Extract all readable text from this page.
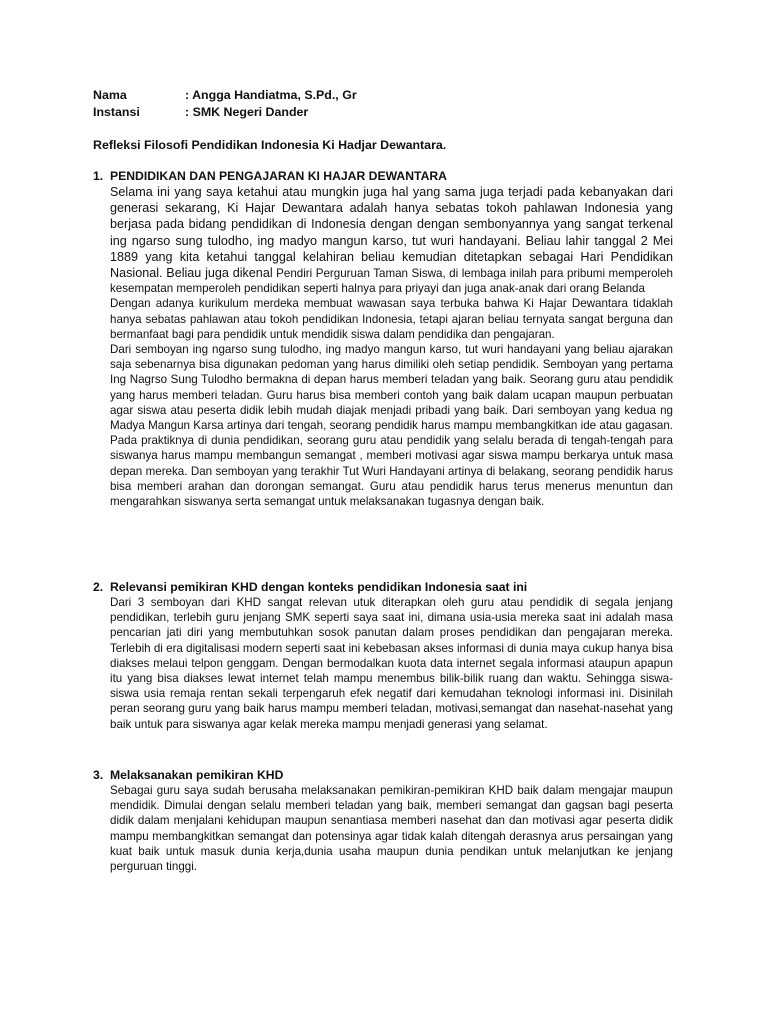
Nama	: Angga Handiatma, S.Pd., Gr
Instansi	: SMK Negeri Dander
Refleksi Filosofi Pendidikan Indonesia Ki Hadjar Dewantara.
1. PENDIDIKAN DAN PENGAJARAN KI HAJAR DEWANTARA

Selama ini yang saya ketahui atau mungkin juga hal yang sama juga terjadi pada kebanyakan dari generasi sekarang, Ki Hajar Dewantara adalah hanya sebatas tokoh pahlawan Indonesia yang berjasa pada bidang pendidikan di Indonesia dengan dengan sembonyannya yang sangat terkenal ing ngarso sung tulodho, ing madyo mangun karso, tut wuri handayani. Beliau lahir tanggal 2 Mei 1889 yang kita ketahui tanggal kelahiran beliau kemudian ditetapkan sebagai Hari Pendidikan Nasional. Beliau juga dikenal Pendiri Perguruan Taman Siswa, di lembaga inilah para pribumi memperoleh kesempatan memperoleh pendidikan seperti halnya para priyayi dan juga anak-anak dari orang Belanda

Dengan adanya kurikulum merdeka membuat wawasan saya terbuka bahwa Ki Hajar Dewantara tidaklah hanya sebatas pahlawan atau tokoh pendidikan Indonesia, tetapi ajaran beliau ternyata sangat berguna dan bermanfaat bagi para pendidik untuk mendidik siswa dalam pendidika dan pengajaran.

Dari semboyan ing ngarso sung tulodho, ing madyo mangun karso, tut wuri handayani yang beliau ajarakan saja sebenarnya bisa digunakan pedoman yang harus dimiliki oleh setiap pendidik. Semboyan yang pertama Ing Nagrso Sung Tulodho bermakna di depan harus memberi teladan yang baik. Seorang guru atau pendidik yang harus memberi teladan. Guru harus bisa memberi contoh yang baik dalam ucapan maupun perbuatan agar siswa atau peserta didik lebih mudah diajak menjadi pribadi yang baik. Dari semboyan yang kedua ng Madya Mangun Karsa artinya dari tengah, seorang pendidik harus mampu membangkitkan ide atau gagasan. Pada praktiknya di dunia pendidikan, seorang guru atau pendidik yang selalu berada di tengah-tengah para siswanya harus mampu membangun semangat , memberi motivasi agar siswa mampu berkarya untuk masa depan mereka. Dan semboyan yang terakhir Tut Wuri Handayani artinya di belakang, seorang pendidik harus bisa memberi arahan dan dorongan semangat. Guru atau pendidik harus terus menerus menuntun dan mengarahkan siswanya serta semangat untuk melaksanakan tugasnya dengan baik.

2. Relevansi pemikiran KHD dengan konteks pendidikan Indonesia saat ini

Dari 3 semboyan dari KHD sangat relevan utuk diterapkan oleh guru atau pendidik di segala jenjang pendidikan, terlebih guru jenjang SMK seperti saya saat ini, dimana usia-usia mereka saat ini adalah masa pencarian jati diri yang membutuhkan sosok panutan dalam proses pendidikan dan pengajaran mereka. Terlebih di era digitalisasi modern seperti saat ini kebebasan akses informasi di dunia maya cukup hanya bisa diakses melaui telpon genggam. Dengan bermodalkan kuota data internet segala informasi ataupun apapun itu yang bisa diakses lewat internet telah mampu menembus bilik-bilik ruang dan waktu. Sehingga siswa-siswa usia remaja rentan sekali terpengaruh efek negatif dari kemudahan teknologi informasi ini. Disinilah peran seorang guru yang baik harus mampu memberi teladan, motivasi,semangat dan nasehat-nasehat yang baik untuk para siswanya agar kelak mereka mampu menjadi generasi yang selamat.

3. Melaksanakan pemikiran KHD

Sebagai guru saya sudah berusaha melaksanakan pemikiran-pemikiran KHD baik dalam mengajar maupun mendidik. Dimulai dengan selalu memberi teladan yang baik, memberi semangat dan gagsan bagi peserta didik dalam menjalani kehidupan maupun senantiasa memberi nasehat dan dan motivasi agar peserta didik mampu membangkitkan semangat dan potensinya agar tidak kalah ditengah derasnya arus persaingan yang kuat baik untuk masuk dunia kerja,dunia usaha maupun dunia pendikan untuk melanjutkan ke jenjang perguruan tinggi.
